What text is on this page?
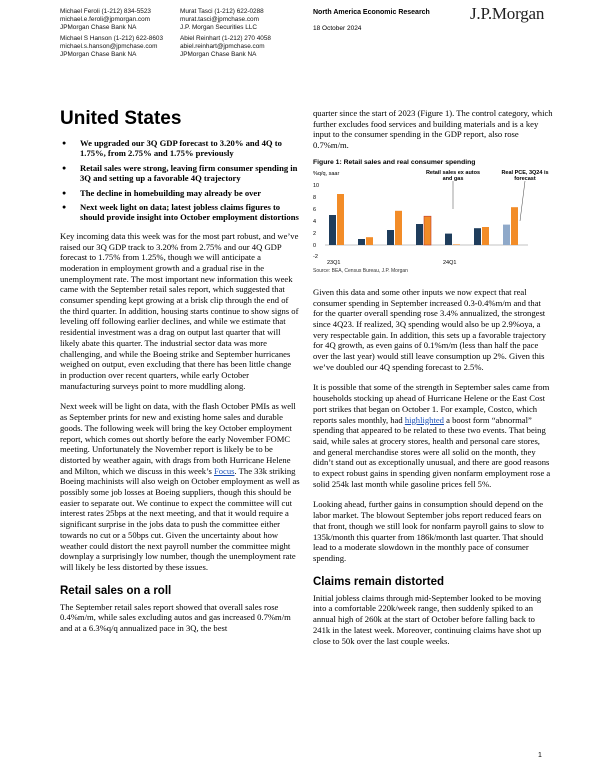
Michael Feroli (1-212) 834-5523
michael.e.feroli@jpmorgan.com
JPMorgan Chase Bank NA
Michael S Hanson (1-212) 622-8603
michael.s.hanson@jpmchase.com
JPMorgan Chase Bank NA
Murat Tasci (1-212) 622-0288
murat.tasci@jpmchase.com
J.P. Morgan Securities LLC
Abiel Reinhart (1-212) 270 4058
abiel.reinhart@jpmchase.com
JPMorgan Chase Bank NA
North America Economic Research
18 October 2024
J.P.Morgan
United States
● We upgraded our 3Q GDP forecast to 3.20% and 4Q to 1.75%, from 2.75% and 1.75% previously
● Retail sales were strong, leaving firm consumer spending in 3Q and setting up a favorable 4Q trajectory
● The decline in homebuilding may already be over
● Next week light on data; latest jobless claims figures to should provide insight into October employment distortions
Key incoming data this week was for the most part robust, and we’ve raised our 3Q GDP track to 3.20% from 2.75% and our 4Q GDP forecast to 1.75% from 1.25%, though we will anticipate a moderation in employment growth and a gradual rise in the unemployment rate. The most important new information this week came with the September retail sales report, which suggested that consumer spending kept growing at a brisk clip through the end of the third quarter. In addition, housing starts continue to show signs of leveling off following earlier declines, and while we estimate that residential investment was a drag on output last quarter that will likely abate this quarter. The industrial sector data was more challenging, and while the Boeing strike and September hurricanes weighed on output, even excluding that there has been little change in production over recent quarters, while early October manufacturing surveys point to more muddling along.
Next week will be light on data, with the flash October PMIs as well as September prints for new and existing home sales and durable goods. The following week will bring the key October employment report, which comes out shortly before the early November FOMC meeting. Unfortunately the November report is likely be to be distorted by weather again, with drags from both Hurricane Helene and Milton, which we discuss in this week’s Focus. The 33k striking Boeing machinists will also weigh on October employment as well as possibly some job losses at Boeing suppliers, though this should be easier to separate out. We continue to expect the committee will cut interest rates 25bps at the next meeting, and that it would require a significant surprise in the jobs data to push the committee either towards no cut or a 50bps cut. Given the uncertainty about how weather could distort the next payroll number the committee might downplay a surprisingly low number, though the unemployment rate will likely be less distorted by these issues.
Retail sales on a roll
The September retail sales report showed that overall sales rose 0.4%m/m, while sales excluding autos and gas increased 0.7%m/m and at a 6.3%q/q annualized pace in 3Q, the best
quarter since the start of 2023 (Figure 1). The control category, which further excludes food services and building materials and is a key input to the consumer spending in the GDP report, also rose 0.7%m/m.
Figure 1: Retail sales and real consumer spending
%q/q, saar	Retail sales ex autos and gas
Real PCE, 3Q24 is forecast
10
8
6
4
2
0
-2
23Q1	24Q1
Source: BEA, Census Bureau, J.P. Morgan
Given this data and some other inputs we now expect that real consumer spending in September increased 0.3-0.4%m/m and that for the quarter overall spending rose 3.4% annualized, the strongest since 4Q23. If realized, 3Q spending would also be up 2.9%oya, a very respectable gain. In addition, this sets up a favorable trajectory for 4Q growth, as even gains of 0.1%m/m (less than half the pace over the last year) would still leave consumption up 2%. Given this we’ve doubled our 4Q spending forecast to 2.5%.
It is possible that some of the strength in September sales came from households stocking up ahead of Hurricane Helene or the East Cost port strikes that began on October 1. For example, Costco, which reports sales monthly, had highlighted a boost form “abnormal” spending that appeared to be related to these two events. That being said, while sales at grocery stores, health and personal care stores, and general merchandise stores were all solid on the month, they didn’t stand out as exceptionally unusual, and there are good reasons to expect robust gains in spending given nonfarm employment rose a solid 254k last month while gasoline prices fell 5%.
Looking ahead, further gains in consumption should depend on the labor market. The blowout September jobs report reduced fears on that front, though we still look for nonfarm payroll gains to slow to 135k/month this quarter from 186k/month last quarter. That should lead to a moderate slowdown in the monthly pace of consumer spending.
Claims remain distorted
Initial jobless claims through mid-September looked to be moving into a comfortable 220k/week range, then suddenly spiked to an annual high of 260k at the start of October before falling back to 241k in the latest week. Moreover, continuing claims have shot up close to 50k over the last couple weeks.
1
